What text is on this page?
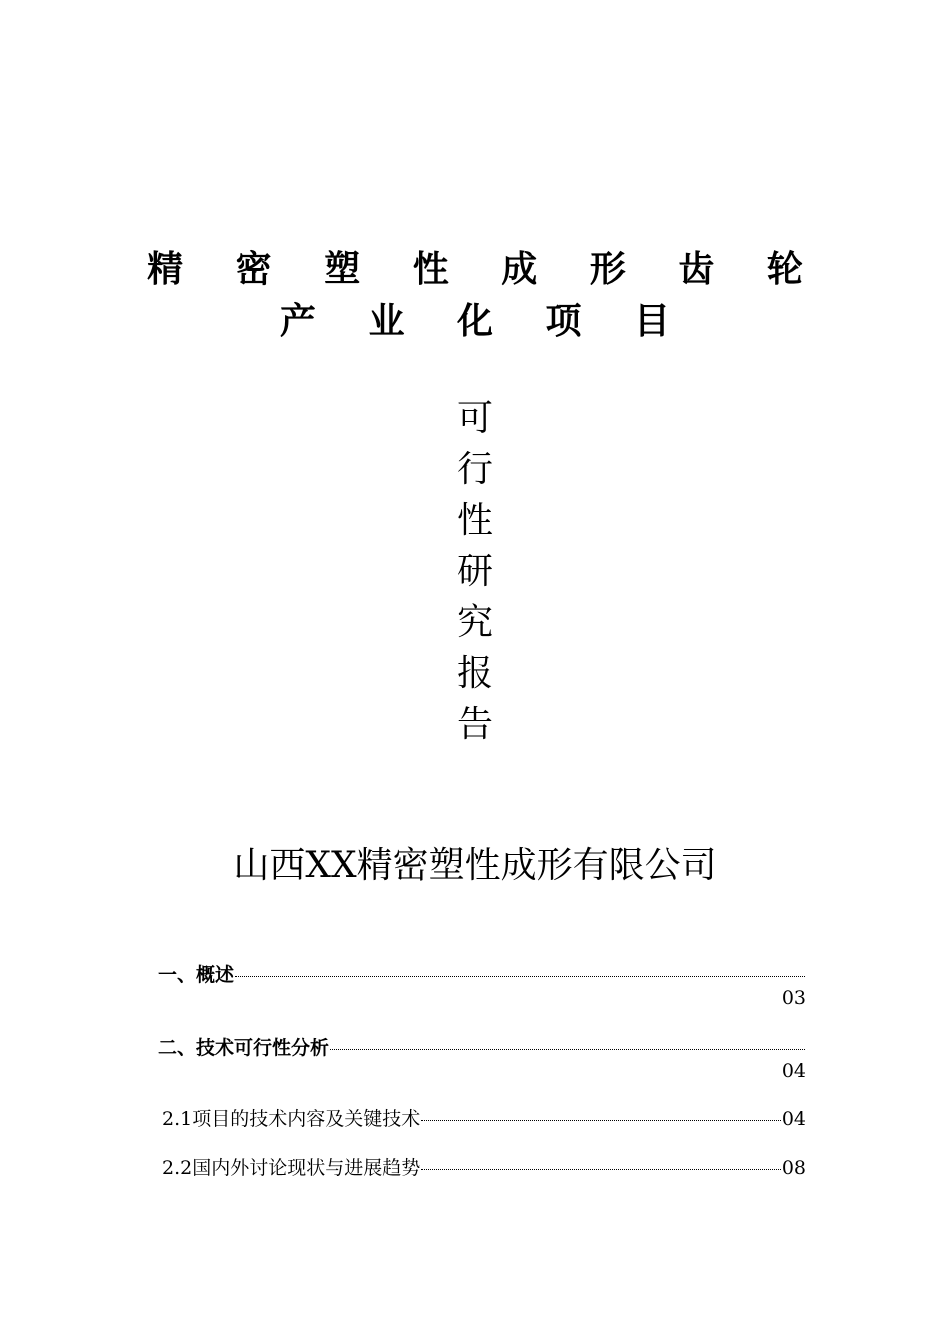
精 密 塑 性 成 形 齿 轮
产 业 化 项 目
可
行
性
研
究
报
告
山西XX精密塑性成形有限公司
一、概述
03
二、技术可行性分析
04
2.1项目的技术内容及关键技术	04
2.2国内外讨论现状与进展趋势	08
